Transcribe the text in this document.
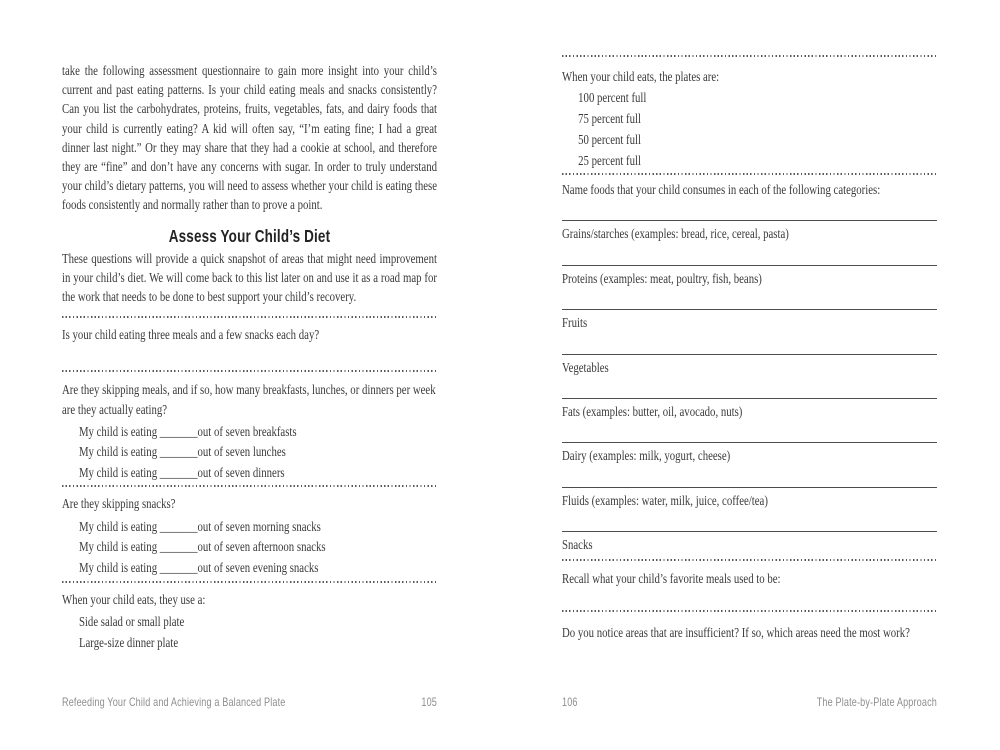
take the following assessment questionnaire to gain more insight into your child’s current and past eating patterns. Is your child eating meals and snacks consistently? Can you list the carbohydrates, proteins, fruits, vegetables, fats, and dairy foods that your child is currently eating? A kid will often say, “I’m eating fine; I had a great dinner last night.” Or they may share that they had a cookie at school, and therefore they are “fine” and don’t have any concerns with sugar. In order to truly understand your child’s dietary patterns, you will need to assess whether your child is eating these foods consistently and normally rather than to prove a point.

Assess Your Child’s Diet

These questions will provide a quick snapshot of areas that might need improvement in your child’s diet. We will come back to this list later on and use it as a road map for the work that needs to be done to best support your child’s recovery.

Is your child eating three meals and a few snacks each day?

Are they skipping meals, and if so, how many breakfasts, lunches, or dinners per week are they actually eating?

My child is eating _______out of seven breakfasts

My child is eating _______out of seven lunches

My child is eating _______out of seven dinners

Are they skipping snacks?

My child is eating _______out of seven morning snacks

My child is eating _______out of seven afternoon snacks

My child is eating _______out of seven evening snacks

When your child eats, they use a:

Side salad or small plate

Large-size dinner plate

Refeeding Your Child and Achieving a Balanced Plate	105

When your child eats, the plates are:

100 percent full

75 percent full

50 percent full

25 percent full

Name foods that your child consumes in each of the following categories:

Grains/starches (examples: bread, rice, cereal, pasta)
Proteins (examples: meat, poultry, fish, beans)
Fruits
Vegetables
Fats (examples: butter, oil, avocado, nuts)
Dairy (examples: milk, yogurt, cheese)
Fluids (examples: water, milk, juice, coffee/tea)
Snacks

Recall what your child’s favorite meals used to be:

Do you notice areas that are insufficient? If so, which areas need the most work?

106	The Plate-by-Plate Approach
